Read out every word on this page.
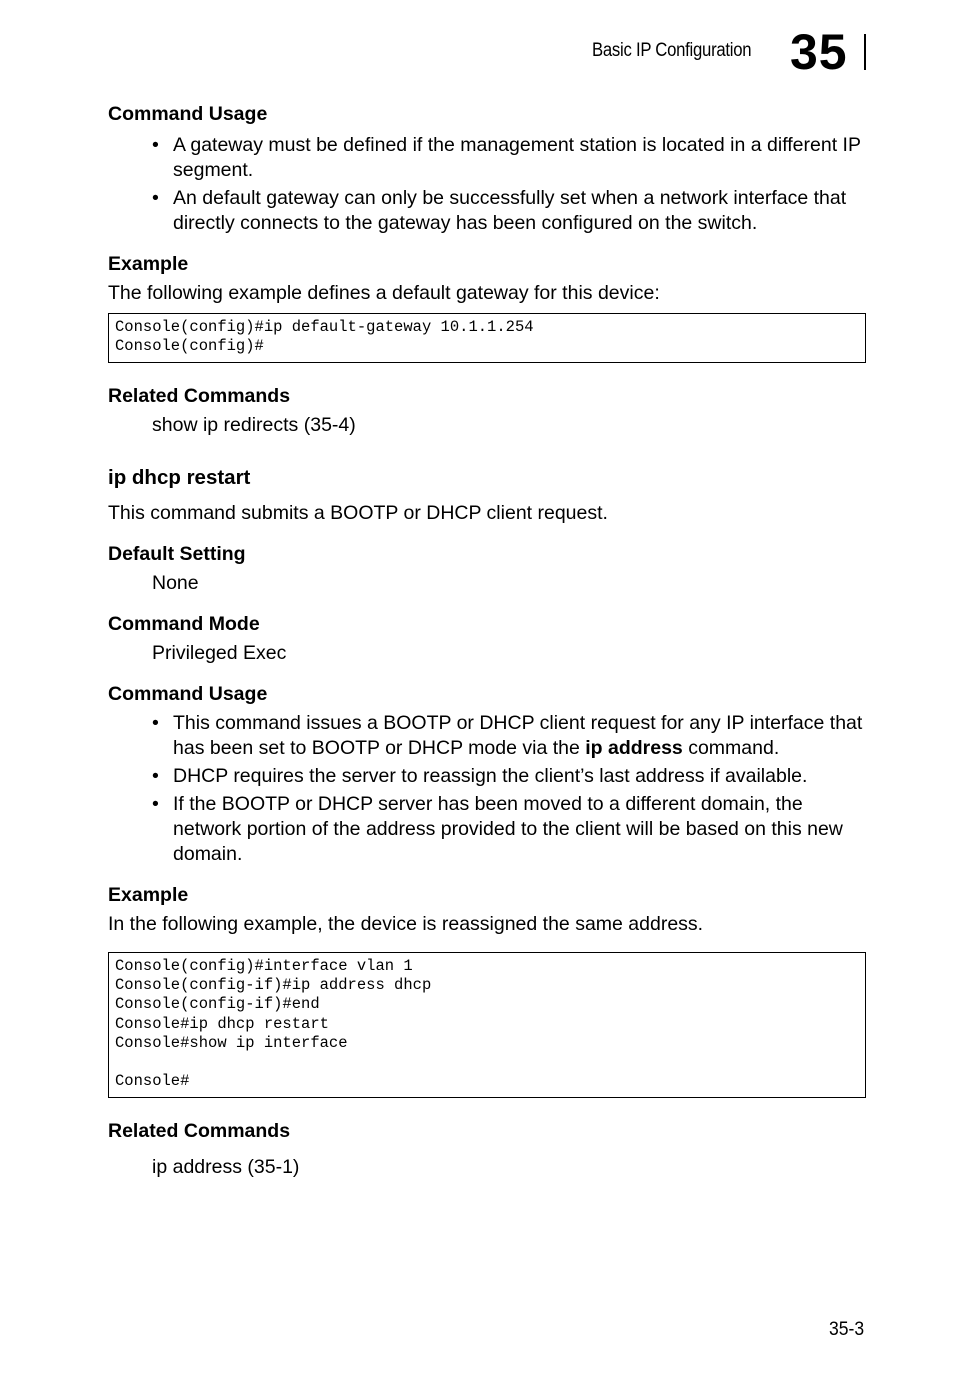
Basic IP Configuration 35
Command Usage
• A gateway must be defined if the management station is located in a different IP segment.
• An default gateway can only be successfully set when a network interface that directly connects to the gateway has been configured on the switch.
Example
The following example defines a default gateway for this device:
Console(config)#ip default-gateway 10.1.1.254
Console(config)#
Related Commands
show ip redirects (35-4)
ip dhcp restart
This command submits a BOOTP or DHCP client request.
Default Setting
None
Command Mode
Privileged Exec
Command Usage
• This command issues a BOOTP or DHCP client request for any IP interface that has been set to BOOTP or DHCP mode via the ip address command.
• DHCP requires the server to reassign the client’s last address if available.
• If the BOOTP or DHCP server has been moved to a different domain, the network portion of the address provided to the client will be based on this new domain.
Example
In the following example, the device is reassigned the same address.
Console(config)#interface vlan 1
Console(config-if)#ip address dhcp
Console(config-if)#end
Console#ip dhcp restart
Console#show ip interface

Console#
Related Commands
ip address (35-1)
35-3
